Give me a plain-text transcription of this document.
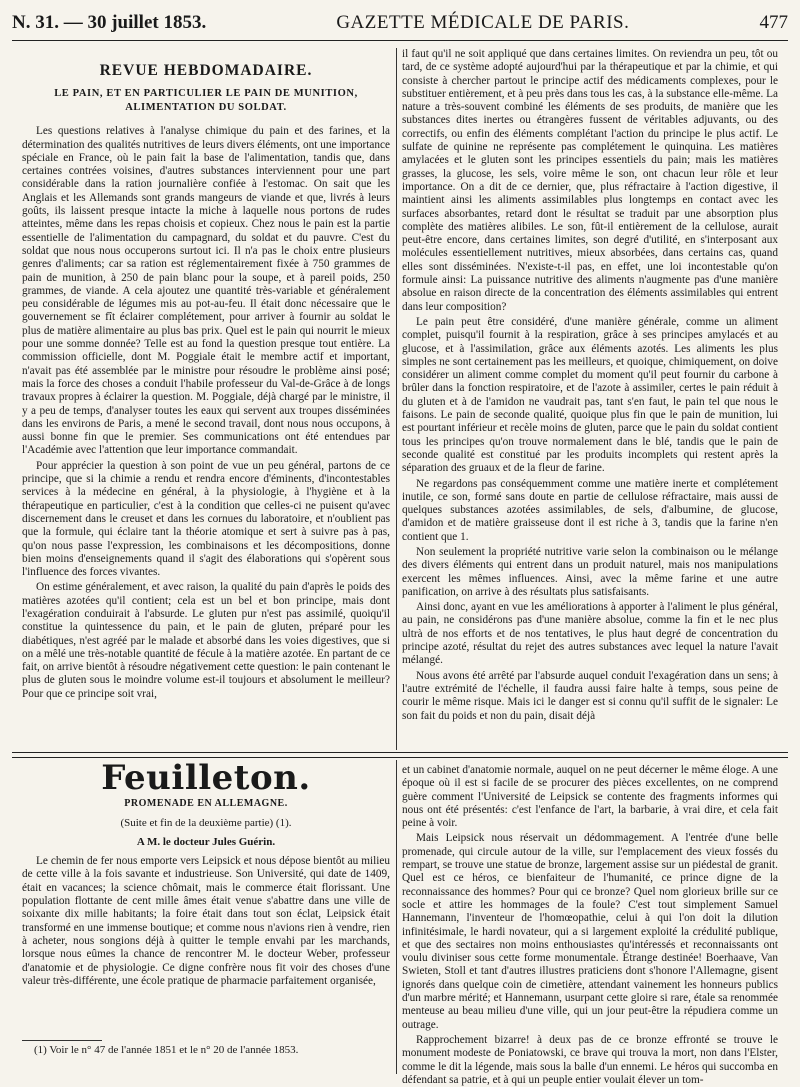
N. 31. — 30 juillet 1853.	GAZETTE MÉDICALE DE PARIS.	477
REVUE HEBDOMADAIRE.
LE PAIN, ET EN PARTICULIER LE PAIN DE MUNITION,
ALIMENTATION DU SOLDAT.

Les questions relatives à l'analyse chimique du pain et des farines, et la détermination des qualités nutritives de leurs divers éléments, ont une importance spéciale en France, où le pain fait la base de l'alimentation, tandis que, dans certaines contrées voisines, d'autres substances interviennent pour une part considérable dans la ration journalière confiée à l'estomac. On sait que les Anglais et les Allemands sont grands mangeurs de viande et que, livrés à leurs goûts, ils laissent presque intacte la miche à laquelle nous portons de rudes atteintes, même dans les repas choisis et copieux. Chez nous le pain est la partie essentielle de l'alimentation du campagnard, du soldat et du pauvre. C'est du soldat que nous nous occuperons surtout ici. Il n'a pas le choix entre plusieurs genres d'aliments; car sa ration est réglementairement fixée à 750 grammes de pain de munition, à 250 de pain blanc pour la soupe, et à pareil poids, 250 grammes, de viande. A cela ajoutez une quantité très-variable et généralement peu considérable de légumes mis au pot-au-feu. Il était donc nécessaire que le gouvernement se fît éclairer complétement, pour arriver à fournir au soldat le plus de matière alimentaire au plus bas prix. Quel est le pain qui nourrit le mieux pour une somme donnée? Telle est au fond la question presque tout entière. La commission officielle, dont M. Poggiale était le membre actif et important, n'avait pas été assemblée par le ministre pour résoudre le problème ainsi posé; mais la force des choses a conduit l'habile professeur du Val-de-Grâce à de longs travaux propres à éclairer la question. M. Poggiale, déjà chargé par le ministre, il y a peu de temps, d'analyser toutes les eaux qui servent aux troupes disséminées dans les environs de Paris, a mené le second travail, dont nous nous occupons, à aussi bonne fin que le premier. Ses communications ont été entendues par l'Académie avec l'attention que leur importance commandait.

Pour apprécier la question à son point de vue un peu général, partons de ce principe, que si la chimie a rendu et rendra encore d'éminents, d'incontestables services à la médecine en général, à la physiologie, à l'hygiène et à la thérapeutique en particulier, c'est à la condition que celles-ci ne puisent qu'avec discernement dans le creuset et dans les cornues du laboratoire, et n'oublient pas que la formule, qui éclaire tant la théorie atomique et sert à suivre pas à pas, qu'on nous passe l'expression, les combinaisons et les décompositions, donne bien moins d'enseignements quand il s'agit des élaborations qui s'opèrent sous l'influence des forces vivantes.

On estime généralement, et avec raison, la qualité du pain d'après le poids des matières azotées qu'il contient; cela est un bel et bon principe, mais dont l'exagération conduirait à l'absurde. Le gluten pur n'est pas assimilé, quoiqu'il constitue la quintessence du pain, et le pain de gluten, préparé pour les diabétiques, n'est agréé par le malade et absorbé dans les voies digestives, que si on a mêlé une très-notable quantité de fécule à la matière azotée. En partant de ce fait, on arrive bientôt à résoudre négativement cette question: le pain contenant le plus de gluten sous le moindre volume est-il toujours et absolument le meilleur? Pour que ce principe soit vrai,

il faut qu'il ne soit appliqué que dans certaines limites. On reviendra un peu, tôt ou tard, de ce système adopté aujourd'hui par la thérapeutique et par la chimie, et qui consiste à chercher partout le principe actif des médicaments complexes, pour le substituer entièrement, et à peu près dans tous les cas, à la substance elle-même. La nature a très-souvent combiné les éléments de ses produits, de manière que les substances dites inertes ou étrangères fussent de véritables adjuvants, ou des correctifs, ou enfin des éléments complétant l'action du principe le plus actif. Le sulfate de quinine ne représente pas complétement le quinquina. Les matières amylacées et le gluten sont les principes essentiels du pain; mais les matières grasses, la glucose, les sels, voire même le son, ont chacun leur rôle et leur importance. On a dit de ce dernier, que, plus réfractaire à l'action digestive, il maintient ainsi les aliments assimilables plus longtemps en contact avec les surfaces absorbantes, retard dont le résultat se traduit par une absorption plus complète des matières alibiles. Le son, fût-il entièrement de la cellulose, aurait peut-être encore, dans certaines limites, son degré d'utilité, en s'interposant aux molécules essentiellement nutritives, mieux absorbées, dans certains cas, quand elles sont disséminées. N'existe-t-il pas, en effet, une loi incontestable qu'on formule ainsi: La puissance nutritive des aliments n'augmente pas d'une manière absolue en raison directe de la concentration des éléments assimilables qui entrent dans leur composition?

Le pain peut être considéré, d'une manière générale, comme un aliment complet, puisqu'il fournit à la respiration, grâce à ses principes amylacés et au glucose, et à l'assimilation, grâce aux éléments azotés. Les aliments les plus simples ne sont certainement pas les meilleurs, et quoique, chimiquement, on doive considérer un aliment comme complet du moment qu'il peut fournir du carbone à brûler dans la fonction respiratoire, et de l'azote à assimiler, certes le pain réduit à du gluten et à de l'amidon ne vaudrait pas, tant s'en faut, le pain tel que nous le faisons. Le pain de seconde qualité, quoique plus fin que le pain de munition, lui est pourtant inférieur et recèle moins de gluten, parce que le pain du soldat contient tous les principes qu'on trouve normalement dans le blé, tandis que le pain de seconde qualité est constitué par les produits incomplets qui restent après la séparation des gruaux et de la fleur de farine.

Ne regardons pas conséquemment comme une matière inerte et complétement inutile, ce son, formé sans doute en partie de cellulose réfractaire, mais aussi de quelques substances azotées assimilables, de sels, d'albumine, de glucose, d'amidon et de matière graisseuse dont il est riche à 3, tandis que la farine n'en contient que 1.

Non seulement la propriété nutritive varie selon la combinaison ou le mélange des divers éléments qui entrent dans un produit naturel, mais nos manipulations exercent les mêmes influences. Ainsi, avec la même farine et une autre panification, on arrive à des résultats plus satisfaisants.

Ainsi donc, ayant en vue les améliorations à apporter à l'aliment le plus général, au pain, ne considérons pas d'une manière absolue, comme la fin et le nec plus ultrà de nos efforts et de nos tentatives, le plus haut degré de concentration du principe azoté, résultat du rejet des autres substances avec lequel la nature l'avait mélangé.

Nous avons été arrêté par l'absurde auquel conduit l'exagération dans un sens; à l'autre extrémité de l'échelle, il faudra aussi faire halte à temps, sous peine de courir le même risque. Mais ici le danger est si connu qu'il suffit de le signaler: Le son fait du poids et non du pain, disait déjà

Feuilleton.
PROMENADE EN ALLEMAGNE.
(Suite et fin de la deuxième partie) (1).
A M. le docteur Jules Guérin.

Le chemin de fer nous emporte vers Leipsick et nous dépose bientôt au milieu de cette ville à la fois savante et industrieuse. Son Université, qui date de 1409, était en vacances; la science chômait, mais le commerce était florissant. Une population flottante de cent mille âmes était venue s'abattre dans une ville de soixante dix mille habitants; la foire était dans tout son éclat, Leipsick était transformé en une immense boutique; et comme nous n'avions rien à vendre, rien à acheter, nous songions déjà à quitter le temple envahi par les marchands, lorsque nous eûmes la chance de rencontrer M. le docteur Weber, professeur d'anatomie et de physiologie. Ce digne confrère nous fit voir des choses d'une valeur très-différente, une école pratique de pharmacie parfaitement organisée,

et un cabinet d'anatomie normale, auquel on ne peut décerner le même éloge. A une époque où il est si facile de se procurer des pièces excellentes, on ne comprend guère comment l'Université de Leipsick se contente des fragments informes qui nous ont été présentés: c'est l'enfance de l'art, la barbarie, à vrai dire, et cela fait peine à voir.

Mais Leipsick nous réservait un dédommagement. A l'entrée d'une belle promenade, qui circule autour de la ville, sur l'emplacement des vieux fossés du rempart, se trouve une statue de bronze, largement assise sur un piédestal de granit. Quel est ce héros, ce bienfaiteur de l'humanité, ce prince digne de la reconnaissance des hommes? Pour qui ce bronze? Quel nom glorieux brille sur ce socle et attire les hommages de la foule? C'est tout simplement Samuel Hannemann, l'inventeur de l'homœopathie, celui à qui l'on doit la dilution infinitésimale, le hardi novateur, qui a si largement exploité la crédulité publique, et que des sectaires non moins enthousiastes qu'intéressés et reconnaissants ont voulu diviniser sous cette forme monumentale. Étrange destinée! Boerhaave, Van Swieten, Stoll et tant d'autres illustres praticiens dont s'honore l'Allemagne, gisent ignorés dans quelque coin de cimetière, attendant vainement les honneurs publics d'un marbre mérité; et Hannemann, usurpant cette gloire si rare, étale sa renommée menteuse au beau milieu d'une ville, qui un jour peut-être la répudiera comme un outrage.

Rapprochement bizarre! à deux pas de ce bronze effronté se trouve le monument modeste de Poniatowski, ce brave qui trouva la mort, non dans l'Elster, comme le dit la légende, mais sous la balle d'un ennemi. Le héros qui succomba en défendant sa patrie, et à qui un peuple entier voulait élever un tom-

(1) Voir le n° 47 de l'année 1851 et le n° 20 de l'année 1853.
